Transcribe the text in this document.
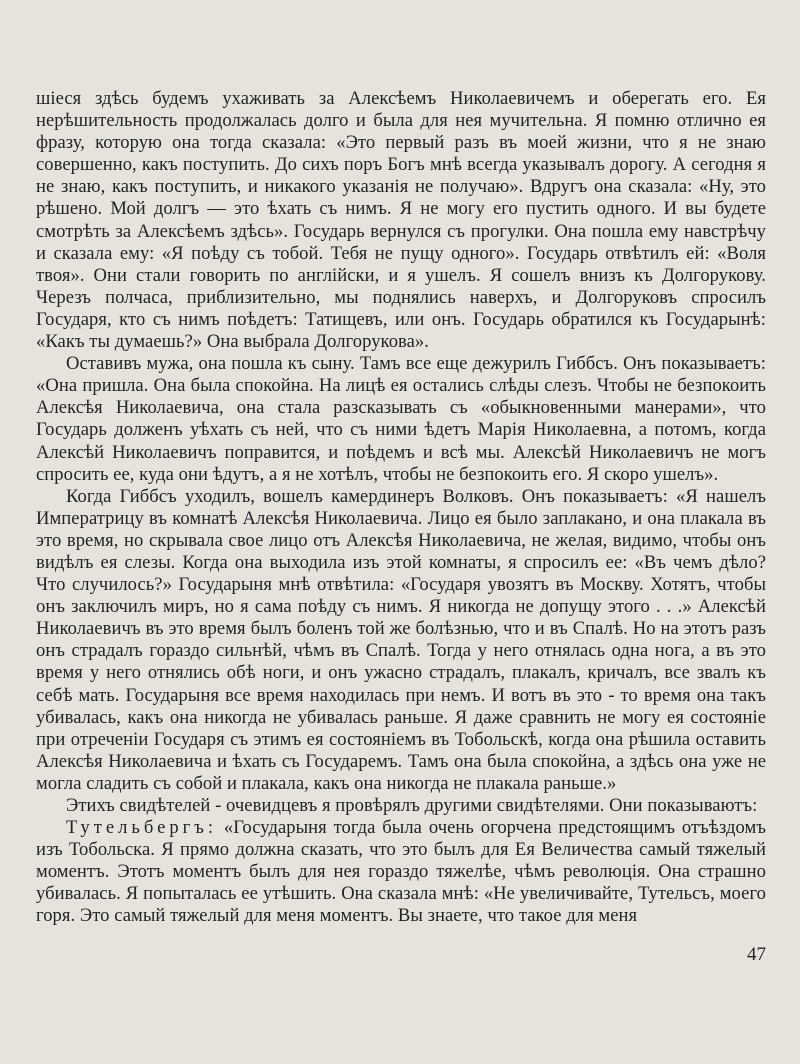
шіеся здѣсь будемъ ухаживать за Алексѣемъ Николаевичемъ и оберегать его. Ея нерѣшительность продолжалась долго и была для нея мучительна. Я помню отлично ея фразу, которую она тогда сказала: «Это первый разъ въ моей жизни, что я не знаю совершенно, какъ поступить. До сихъ поръ Богъ мнѣ всегда указывалъ дорогу. А сегодня я не знаю, какъ поступить, и никакого указанія не получаю». Вдругъ она сказала: «Ну, это рѣшено. Мой долгъ — это ѣхать съ нимъ. Я не могу его пустить одного. И вы будете смотрѣть за Алексѣемъ здѣсь». Государь вернулся съ прогулки. Она пошла ему навстрѣчу и сказала ему: «Я поѣду съ тобой. Тебя не пущу одного». Государь отвѣтилъ ей: «Воля твоя». Они стали говорить по англійски, и я ушелъ. Я сошелъ внизъ къ Долгорукову. Черезъ полчаса, приблизительно, мы поднялись наверхъ, и Долгоруковъ спросилъ Государя, кто съ нимъ поѣдетъ: Татищевъ, или онъ. Государь обратился къ Государынѣ: «Какъ ты думаешь?» Она выбрала Долгорукова».

Оставивъ мужа, она пошла къ сыну. Тамъ все еще дежурилъ Гиббсъ. Онъ показываетъ: «Она пришла. Она была спокойна. На лицѣ ея остались слѣды слезъ. Чтобы не безпокоить Алексѣя Николаевича, она стала разсказывать съ «обыкновенными манерами», что Государь долженъ уѣхать съ ней, что съ ними ѣдетъ Марія Николаевна, а потомъ, когда Алексѣй Николаевичъ поправится, и поѣдемъ и всѣ мы. Алексѣй Николаевичъ не могъ спросить ее, куда они ѣдутъ, а я не хотѣлъ, чтобы не безпокоить его. Я скоро ушелъ».

Когда Гиббсъ уходилъ, вошелъ камердинеръ Волковъ. Онъ показываетъ: «Я нашелъ Императрицу въ комнатѣ Алексѣя Николаевича. Лицо ея было заплакано, и она плакала въ это время, но скрывала свое лицо отъ Алексѣя Николаевича, не желая, видимо, чтобы онъ видѣлъ ея слезы. Когда она выходила изъ этой комнаты, я спросилъ ее: «Въ чемъ дѣло? Что случилось?» Государыня мнѣ отвѣтила: «Государя увозятъ въ Москву. Хотятъ, чтобы онъ заключилъ миръ, но я сама поѣду съ нимъ. Я никогда не допущу этого . . .» Алексѣй Николаевичъ въ это время былъ боленъ той же болѣзнью, что и въ Спалѣ. Но на этотъ разъ онъ страдалъ гораздо сильнѣй, чѣмъ въ Спалѣ. Тогда у него отнялась одна нога, а въ это время у него отнялись обѣ ноги, и онъ ужасно страдалъ, плакалъ, кричалъ, все звалъ къ себѣ мать. Государыня все время находилась при немъ. И вотъ въ это - то время она такъ убивалась, какъ она никогда не убивалась раньше. Я даже сравнить не могу ея состояніе при отреченіи Государя съ этимъ ея состояніемъ въ Тобольскѣ, когда она рѣшила оставить Алексѣя Николаевича и ѣхать съ Государемъ. Тамъ она была спокойна, а здѣсь она уже не могла сладить съ собой и плакала, какъ она никогда не плакала раньше.»

Этихъ свидѣтелей - очевидцевъ я провѣрялъ другими свидѣтелями. Они показываютъ:

Тутельбергъ: «Государыня тогда была очень огорчена предстоящимъ отъѣздомъ изъ Тобольска. Я прямо должна сказать, что это былъ для Ея Величества самый тяжелый моментъ. Этотъ моментъ былъ для нея гораздо тяжелѣе, чѣмъ революція. Она страшно убивалась. Я попыталась ее утѣшить. Она сказала мнѣ: «Не увеличивайте, Тутельсъ, моего горя. Это самый тяжелый для меня моментъ. Вы знаете, что такое для меня

47
